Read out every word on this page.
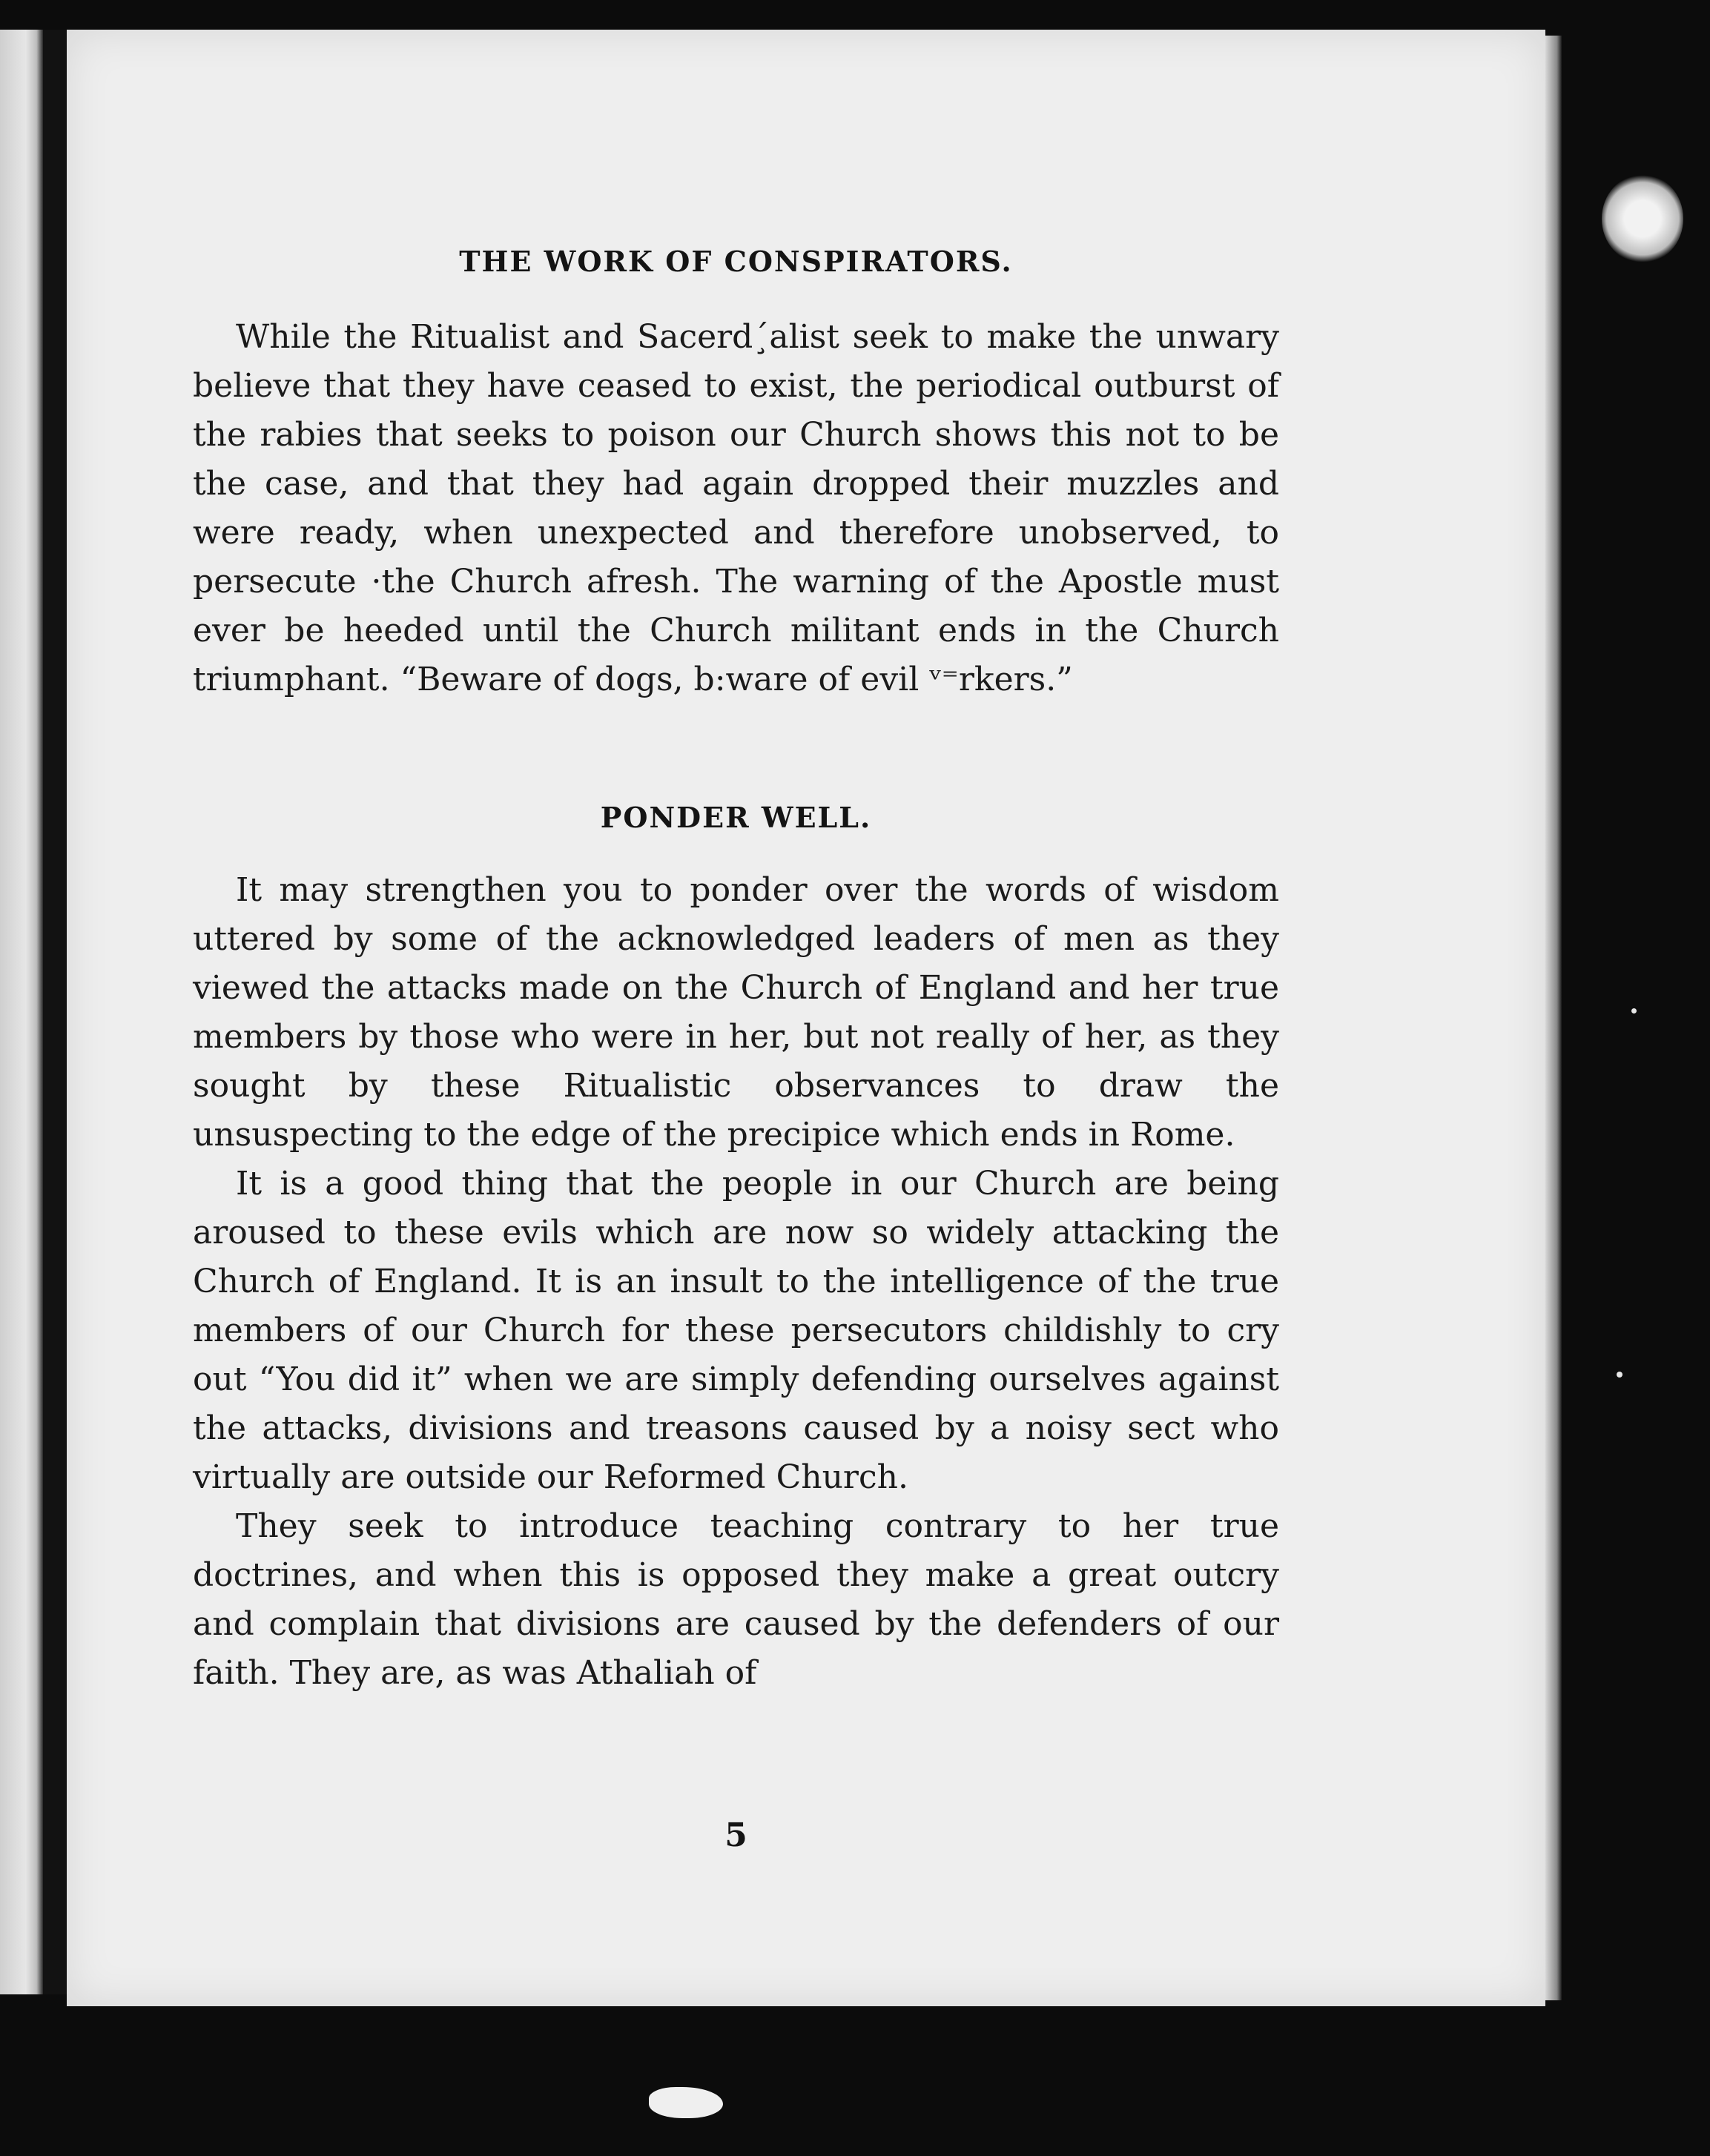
THE WORK OF CONSPIRATORS.

While the Ritualist and Sacerd¸́alist seek to make the unwary believe that they have ceased to exist, the periodical outburst of the rabies that seeks to poison our Church shows this not to be the case, and that they had again dropped their muzzles and were ready, when unexpected and therefore unobserved, to persecute ·the Church afresh. The warning of the Apostle must ever be heeded until the Church militant ends in the Church triumphant. “Beware of dogs, b:ware of evil ᵛ⁼rkers.”

PONDER WELL.

It may strengthen you to ponder over the words of wisdom uttered by some of the acknowledged leaders of men as they viewed the attacks made on the Church of England and her true members by those who were in her, but not really of her, as they sought by these Ritualistic observances to draw the unsuspecting to the edge of the precipice which ends in Rome.

It is a good thing that the people in our Church are being aroused to these evils which are now so widely attacking the Church of England. It is an insult to the intelligence of the true members of our Church for these persecutors childishly to cry out “You did it” when we are simply defending ourselves against the attacks, divisions and treasons caused by a noisy sect who virtually are outside our Reformed Church.

They seek to introduce teaching contrary to her true doctrines, and when this is opposed they make a great outcry and complain that divisions are caused by the defenders of our faith. They are, as was Athaliah of

5
